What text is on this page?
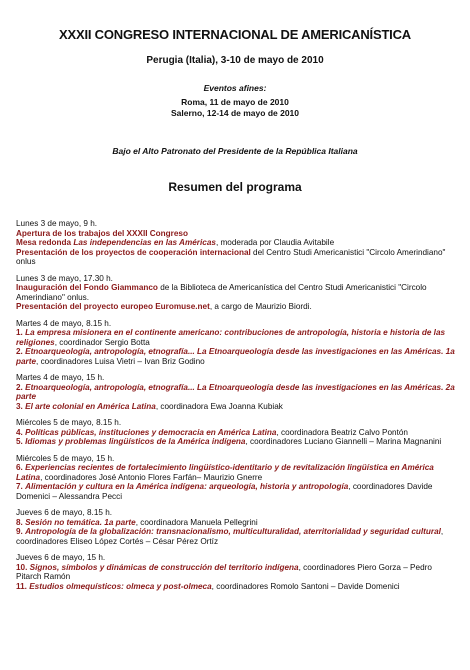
XXXII CONGRESO INTERNACIONAL DE AMERICANÍSTICA
Perugia (Italia), 3-10 de mayo de 2010
Eventos afines:
Roma, 11 de mayo de 2010
Salerno, 12-14 de mayo de 2010
Bajo el Alto Patronato del Presidente de la República Italiana
Resumen del programa
Lunes 3 de mayo, 9 h.
Apertura de los trabajos del XXXII Congreso
Mesa redonda Las independencias en las Américas, moderada por Claudia Avitabile
Presentación de los proyectos de cooperación internacional del Centro Studi Americanistici "Circolo Amerindiano" onlus
Lunes 3 de mayo, 17.30 h.
Inauguración del Fondo Giammanco de la Biblioteca de Americanística del Centro Studi Americanistici "Circolo Amerindiano" onlus.
Presentación del proyecto europeo Euromuse.net, a cargo de Maurizio Biordi.
Martes 4 de mayo, 8.15 h.
1. La empresa misionera en el continente americano: contribuciones de antropología, historia e historia de las religiones, coordinador Sergio Botta
2. Etnoarqueología, antropología, etnografía... La Etnoarqueología desde las investigaciones en las Américas. 1a parte, coordinadores Luisa Vietri – Ivan Briz Godino
Martes 4 de mayo, 15 h.
2. Etnoarqueología, antropología, etnografía... La Etnoarqueología desde las investigaciones en las Américas. 2a parte
3. El arte colonial en América Latina, coordinadora Ewa Joanna Kubiak
Miércoles 5 de mayo, 8.15 h.
4. Políticas públicas, instituciones y democracia en América Latina, coordinadora Beatriz Calvo Pontón
5. Idiomas y problemas lingüísticos de la América indígena, coordinadores Luciano Giannelli – Marina Magnanini
Miércoles 5 de mayo, 15 h.
6. Experiencias recientes de fortalecimiento lingüístico-identitario y de revitalización lingüística en América Latina, coordinadores José Antonio Flores Farfán– Maurizio Gnerre
7. Alimentación y cultura en la América indígena: arqueología, historia y antropología, coordinadores Davide Domenici – Alessandra Pecci
Jueves 6 de mayo, 8.15 h.
8. Sesión no temática. 1a parte, coordinadora Manuela Pellegrini
9. Antropología de la globalización: transnacionalismo, multiculturalidad, aterritorialidad y seguridad cultural, coordinadores Eliseo López Cortés – César Pérez Ortíz
Jueves 6 de mayo, 15 h.
10. Signos, símbolos y dinámicas de construcción del territorio indígena, coordinadores Piero Gorza – Pedro Pitarch Ramón
11. Estudios olmequísticos: olmeca y post-olmeca, coordinadores Romolo Santoni – Davide Domenici
